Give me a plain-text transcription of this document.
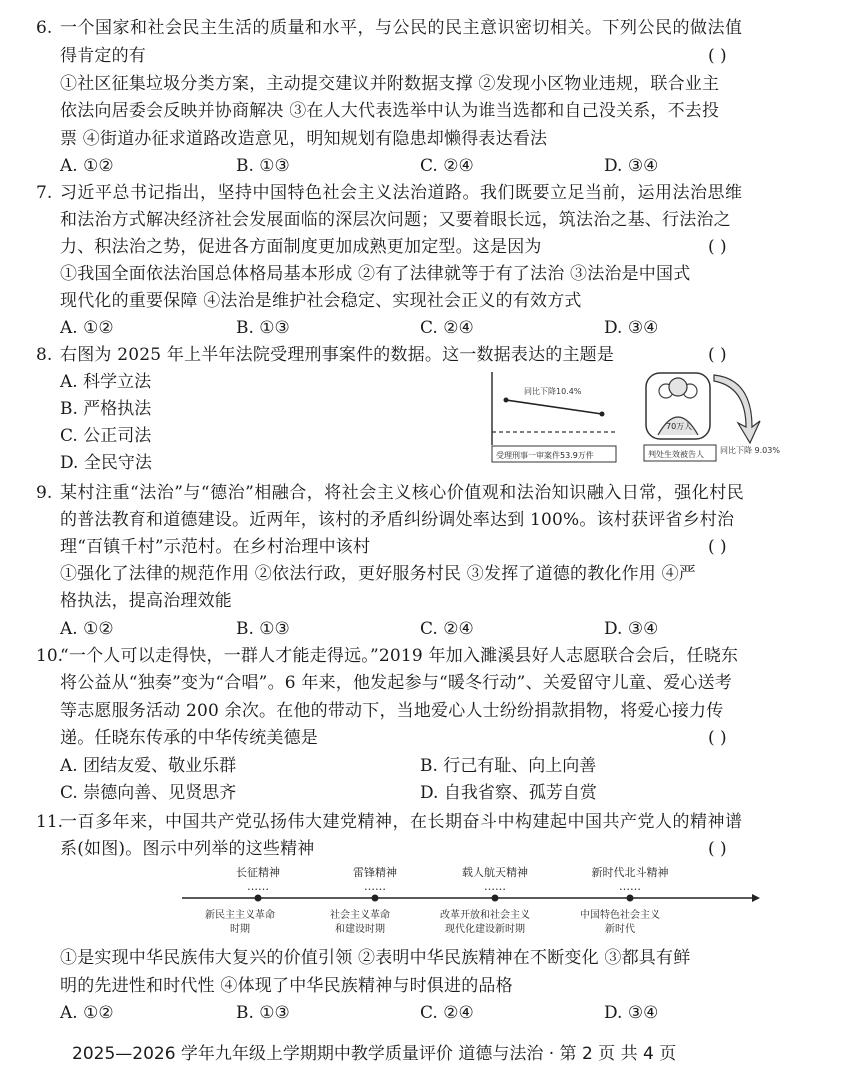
6. 一个国家和社会民主生活的质量和水平，与公民的民主意识密切相关。下列公民的做法值
得肯定的有	( )
①社区征集垃圾分类方案，主动提交建议并附数据支撑 ②发现小区物业违规，联合业主
依法向居委会反映并协商解决 ③在人大代表选举中认为谁当选都和自己没关系，不去投
票 ④街道办征求道路改造意见，明知规划有隐患却懒得表达看法
A. ①②	B. ①③	C. ②④	D. ③④
7. 习近平总书记指出，坚持中国特色社会主义法治道路。我们既要立足当前，运用法治思维
和法治方式解决经济社会发展面临的深层次问题；又要着眼长远，筑法治之基、行法治之
力、积法治之势，促进各方面制度更加成熟更加定型。这是因为	( )
①我国全面依法治国总体格局基本形成 ②有了法律就等于有了法治 ③法治是中国式
现代化的重要保障 ④法治是维护社会稳定、实现社会正义的有效方式
A. ①②	B. ①③	C. ②④	D. ③④
8. 右图为 2025 年上半年法院受理刑事案件的数据。这一数据表达的主题是	( )
A. 科学立法
B. 严格执法
C. 公正司法
D. 全民守法
同比下降10.4%
受理刑事一审案件53.9万件
70万人
判处生效被告人 同比下降 9.03%
9. 某村注重“法治”与“德治”相融合，将社会主义核心价值观和法治知识融入日常，强化村民
的普法教育和道德建设。近两年，该村的矛盾纠纷调处率达到 100%。该村获评省乡村治
理“百镇千村”示范村。在乡村治理中该村	( )
①强化了法律的规范作用 ②依法行政，更好服务村民 ③发挥了道德的教化作用 ④严
格执法，提高治理效能
A. ①②	B. ①③	C. ②④	D. ③④
10.
“一个人可以走得快，一群人才能走得远。”2019 年加入濉溪县好人志愿联合会后，任晓东
将公益从“独奏”变为“合唱”。6 年来，他发起参与“暖冬行动”、关爱留守儿童、爱心送考
等志愿服务活动 200 余次。在他的带动下，当地爱心人士纷纷捐款捐物，将爱心接力传
递。任晓东传承的中华传统美德是	( )
A. 团结友爱、敬业乐群	B. 行己有耻、向上向善
C. 崇德向善、见贤思齐	D. 自我省察、孤芳自赏
11.
一百多年来，中国共产党弘扬伟大建党精神，在长期奋斗中构建起中国共产党人的精神谱
系(如图)。图示中列举的这些精神	( )
长征精神	雷锋精神	载人航天精神	新时代北斗精神
……	……	……	……
新民主主义革命
时期
社会主义革命
和建设时期
改革开放和社会主义
现代化建设新时期
中国特色社会主义
新时代
①是实现中华民族伟大复兴的价值引领 ②表明中华民族精神在不断变化 ③都具有鲜
明的先进性和时代性 ④体现了中华民族精神与时俱进的品格
A. ①②	B. ①③	C. ②④	D. ③④
2025—2026 学年九年级上学期期中教学质量评价 道德与法治 · 第 2 页 共 4 页
